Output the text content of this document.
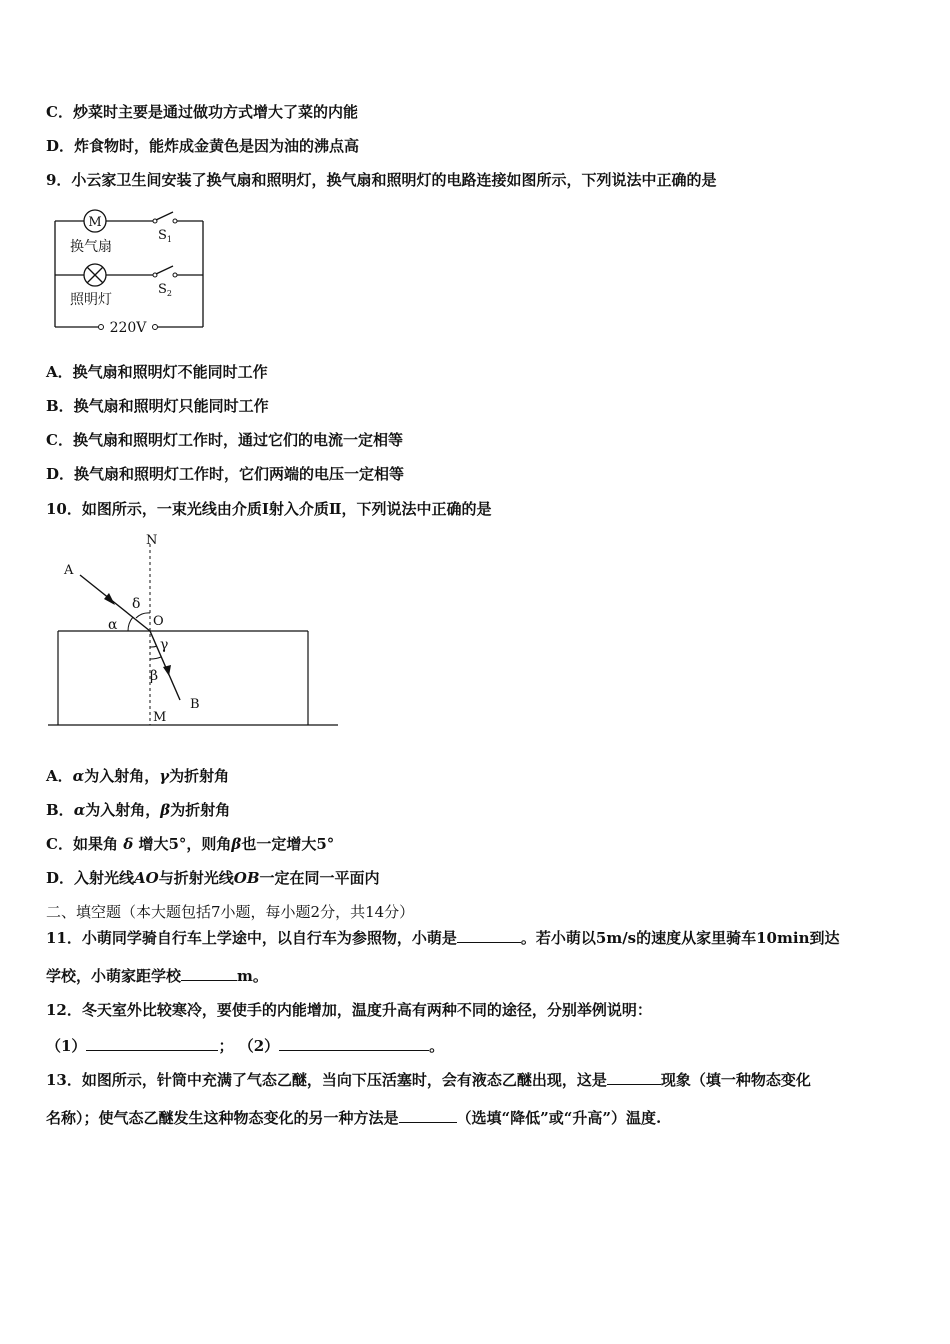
C．炒菜时主要是通过做功方式增大了菜的内能
D．炸食物时，能炸成金黄色是因为油的沸点高
9．小云家卫生间安装了换气扇和照明灯，换气扇和照明灯的电路连接如图所示，下列说法中正确的是
M
换气扇
$S_1$
照明灯
$S_2$
220V
A．换气扇和照明灯不能同时工作
B．换气扇和照明灯只能同时工作
C．换气扇和照明灯工作时，通过它们的电流一定相等
D．换气扇和照明灯工作时，它们两端的电压一定相等
10．如图所示，一束光线由介质Ⅰ射入介质Ⅱ，下列说法中正确的是
N
A
δ
α	O
γ
β
B
M
A．α为入射角，γ为折射角
B．α为入射角，β为折射角
C．如果角 δ 增大5°，则角β也一定增大5°
D．入射光线AO与折射光线OB一定在同一平面内
二、填空题（本大题包括7小题，每小题2分，共14分）
11．小萌同学骑自行车上学途中，以自行车为参照物，小萌是	。若小萌以5m/s的速度从家里骑车10min到达
学校，小萌家距学校	m。
12．冬天室外比较寒冷，要使手的内能增加，温度升高有两种不同的途径，分别举例说明：
（1）	； （2）	。
13．如图所示，针筒中充满了气态乙醚，当向下压活塞时，会有液态乙醚出现，这是	现象（填一种物态变化
名称）；使气态乙醚发生这种物态变化的另一种方法是	（选填“降低”或“升高”）温度.
